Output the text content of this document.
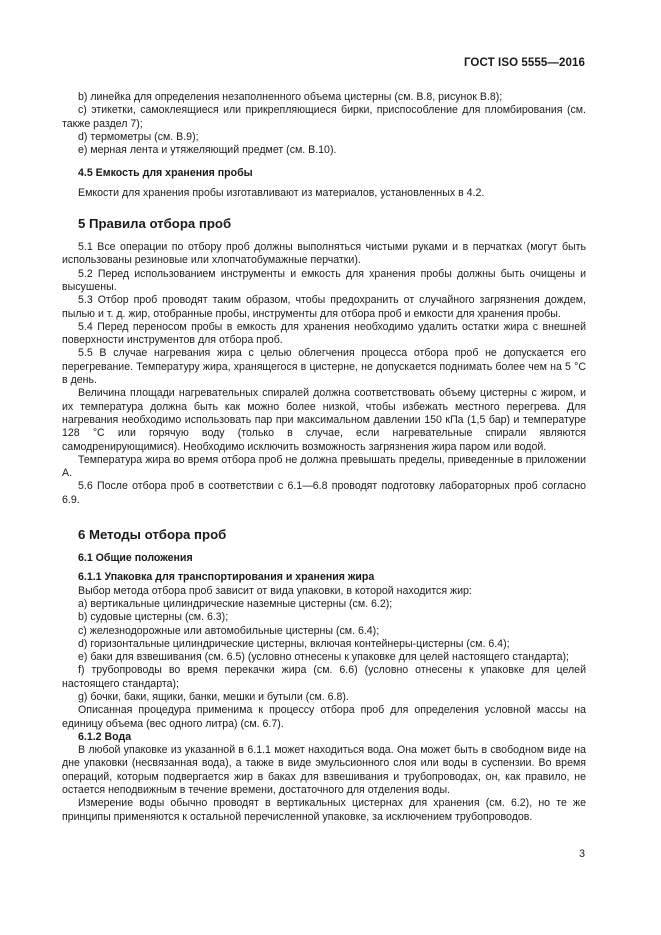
ГОСТ ISO 5555—2016

b) линейка для определения незаполненного объема цистерны (см. В.8, рисунок В.8);

c) этикетки, самоклеящиеся или прикрепляющиеся бирки, приспособление для пломбирования (см. также раздел 7);

d) термометры (см. В.9);

e) мерная лента и утяжеляющий предмет (см. В.10).

4.5 Емкость для хранения пробы

Емкости для хранения пробы изготавливают из материалов, установленных в 4.2.

5 Правила отбора проб

5.1 Все операции по отбору проб должны выполняться чистыми руками и в перчатках (могут быть использованы резиновые или хлопчатобумажные перчатки).

5.2 Перед использованием инструменты и емкость для хранения пробы должны быть очищены и высушены.

5.3 Отбор проб проводят таким образом, чтобы предохранить от случайного загрязнения дождем, пылью и т. д. жир, отобранные пробы, инструменты для отбора проб и емкости для хранения пробы.

5.4 Перед переносом пробы в емкость для хранения необходимо удалить остатки жира с внешней поверхности инструментов для отбора проб.

5.5 В случае нагревания жира с целью облегчения процесса отбора проб не допускается его перегревание. Температуру жира, хранящегося в цистерне, не допускается поднимать более чем на 5 °С в день.

Величина площади нагревательных спиралей должна соответствовать объему цистерны с жиром, и их температура должна быть как можно более низкой, чтобы избежать местного перегрева. Для нагревания необходимо использовать пар при максимальном давлении 150 кПа (1,5 бар) и температуре 128 °С или горячую воду (только в случае, если нагревательные спирали являются самодренирующимися). Необходимо исключить возможность загрязнения жира паром или водой.

Температура жира во время отбора проб не должна превышать пределы, приведенные в приложении А.

5.6 После отбора проб в соответствии с 6.1—6.8 проводят подготовку лабораторных проб согласно 6.9.

6 Методы отбора проб
6.1 Общие положения
6.1.1 Упаковка для транспортирования и хранения жира

Выбор метода отбора проб зависит от вида упаковки, в которой находится жир:

a) вертикальные цилиндрические наземные цистерны (см. 6.2);

b) судовые цистерны (см. 6.3);

c) железнодорожные или автомобильные цистерны (см. 6.4);

d) горизонтальные цилиндрические цистерны, включая контейнеры-цистерны (см. 6.4);

e) баки для взвешивания (см. 6.5) (условно отнесены к упаковке для целей настоящего стандарта);

f) трубопроводы во время перекачки жира (см. 6.6) (условно отнесены к упаковке для целей настоящего стандарта);

g) бочки, баки, ящики, банки, мешки и бутыли (см. 6.8).

Описанная процедура применима к процессу отбора проб для определения условной массы на единицу объема (вес одного литра) (см. 6.7).

6.1.2 Вода

В любой упаковке из указанной в 6.1.1 может находиться вода. Она может быть в свободном виде на дне упаковки (несвязанная вода), а также в виде эмульсионного слоя или воды в суспензии. Во время операций, которым подвергается жир в баках для взвешивания и трубопроводах, он, как правило, не остается неподвижным в течение времени, достаточного для отделения воды.

Измерение воды обычно проводят в вертикальных цистернах для хранения (см. 6.2), но те же принципы применяются к остальной перечисленной упаковке, за исключением трубопроводов.

3
